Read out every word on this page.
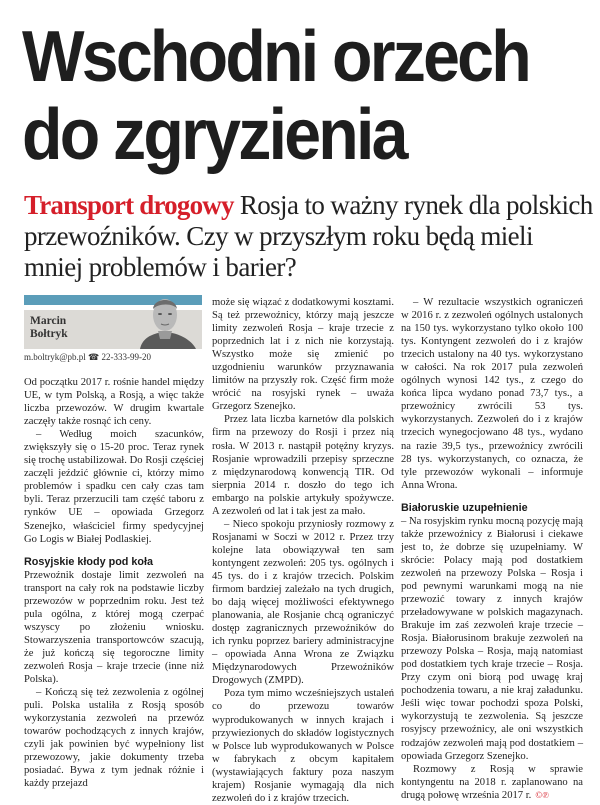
Wschodni orzech
do zgryzienia
Transport drogowy Rosja to ważny rynek dla polskich przewoźników. Czy w przyszłym roku będą mieli mniej problemów i barier?
Marcin
Bołtryk
m.boltryk@pb.pl ☎ 22-333-99-20

Od początku 2017 r. rośnie handel między UE, w tym Polską, a Rosją, a więc także liczba przewozów. W drugim kwartale zaczęły także rosnąć ich ceny.

– Według moich szacunków, zwiększyły się o 15-20 proc. Teraz rynek się trochę ustabilizował. Do Rosji częściej zaczęli jeździć głównie ci, którzy mimo problemów i spadku cen cały czas tam byli. Teraz przerzucili tam część taboru z rynków UE – opowiada Grzegorz Szenejko, właściciel firmy spedycyjnej Go Logis w Białej Podlaskiej.

Rosyjskie kłody pod koła

Przewoźnik dostaje limit zezwoleń na transport na cały rok na podstawie liczby przewozów w poprzednim roku. Jest też pula ogólna, z której mogą czerpać wszyscy po złożeniu wniosku. Stowarzyszenia transportowców szacują, że już kończą się tegoroczne limity zezwoleń Rosja – kraje trzecie (inne niż Polska).

– Kończą się też zezwolenia z ogólnej puli. Polska ustaliła z Rosją sposób wykorzystania zezwoleń na przewóz towarów pochodzących z innych krajów, czyli jak powinien być wypełniony list przewozowy, jakie dokumenty trzeba posiadać. Bywa z tym jednak różnie i każdy przejazd

może się wiązać z dodatkowymi kosztami. Są też przewoźnicy, którzy mają jeszcze limity zezwoleń Rosja – kraje trzecie z poprzednich lat i z nich nie korzystają. Wszystko może się zmienić po uzgodnieniu warunków przyznawania limitów na przyszły rok. Część firm może wrócić na rosyjski rynek – uważa Grzegorz Szenejko.

Przez lata liczba karnetów dla polskich firm na przewozy do Rosji i przez nią rosła. W 2013 r. nastąpił potężny kryzys. Rosjanie wprowadzili przepisy sprzeczne z międzynarodową konwencją TIR. Od sierpnia 2014 r. doszło do tego ich embargo na polskie artykuły spożywcze. A zezwoleń od lat i tak jest za mało.

– Nieco spokoju przyniosły rozmowy z Rosjanami w Soczi w 2012 r. Przez trzy kolejne lata obowiązywał ten sam kontyngent zezwoleń: 205 tys. ogólnych i 45 tys. do i z krajów trzecich. Polskim firmom bardziej zależało na tych drugich, bo dają więcej możliwości efektywnego planowania, ale Rosjanie chcą ograniczyć dostęp zagranicznych przewoźników do ich rynku poprzez bariery administracyjne – opowiada Anna Wrona ze Związku Międzynarodowych Przewoźników Drogowych (ZMPD).

Poza tym mimo wcześniejszych ustaleń co do przewozu towarów wyprodukowanych w innych krajach i przywiezionych do składów logistycznych w Polsce lub wyprodukowanych w Polsce w fabrykach z obcym kapitałem (wystawiających faktury poza naszym krajem) Rosjanie wymagają dla nich zezwoleń do i z krajów trzecich.

– W rezultacie wszystkich ograniczeń w 2016 r. z zezwoleń ogólnych ustalonych na 150 tys. wykorzystano tylko około 100 tys. Kontyngent zezwoleń do i z krajów trzecich ustalony na 40 tys. wykorzystano w całości. Na rok 2017 pula zezwoleń ogólnych wynosi 142 tys., z czego do końca lipca wydano ponad 73,7 tys., a przewoźnicy zwrócili 53 tys. wykorzystanych. Zezwoleń do i z krajów trzecich wynegocjowano 48 tys., wydano na razie 39,5 tys., przewoźnicy zwrócili 28 tys. wykorzystanych, co oznacza, że tyle przewozów wykonali – informuje Anna Wrona.

Białoruskie uzupełnienie

– Na rosyjskim rynku mocną pozycję mają także przewoźnicy z Białorusi i ciekawe jest to, że dobrze się uzupełniamy. W skrócie: Polacy mają pod dostatkiem zezwoleń na przewozy Polska – Rosja i pod pewnymi warunkami mogą na nie przewozić towary z innych krajów przeładowywane w polskich magazynach. Brakuje im zaś zezwoleń kraje trzecie – Rosja. Białorusinom brakuje zezwoleń na przewozy Polska – Rosja, mają natomiast pod dostatkiem tych kraje trzecie – Rosja. Przy czym oni biorą pod uwagę kraj pochodzenia towaru, a nie kraj załadunku. Jeśli więc towar pochodzi spoza Polski, wykorzystują te zezwolenia. Są jeszcze rosyjscy przewoźnicy, ale oni wszystkich rodzajów zezwoleń mają pod dostatkiem – opowiada Grzegorz Szenejko.

Rozmowy z Rosją w sprawie kontyngentu na 2018 r. zaplanowano na drugą połowę września 2017 r. ©℗
